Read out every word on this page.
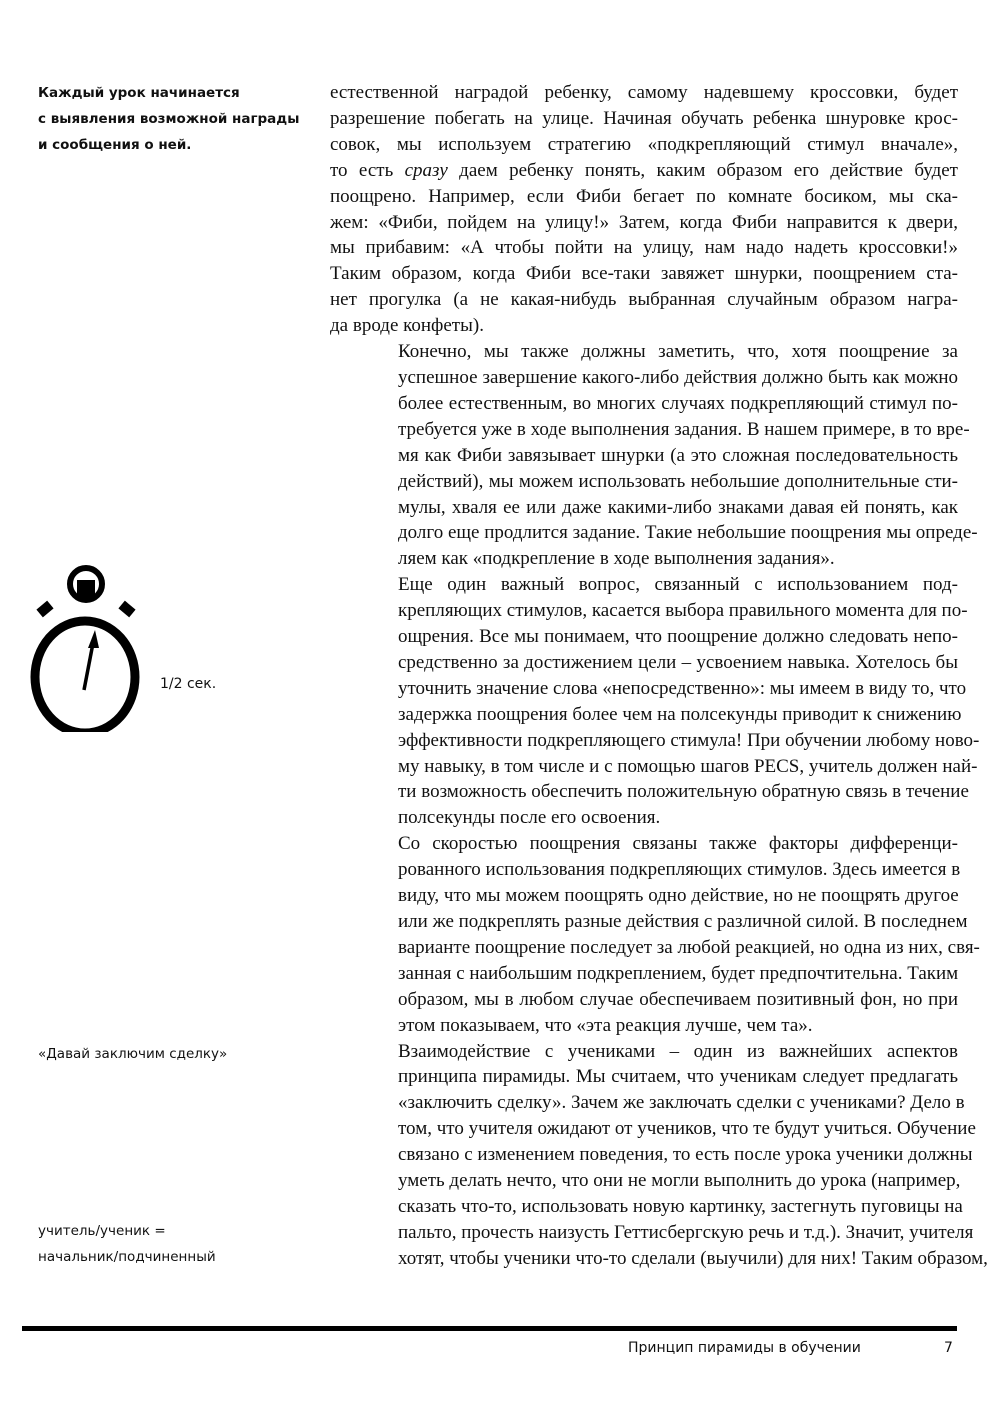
Каждый урок начинается
с выявления возможной награды
и сообщения о ней.
1/2 сек.
«Давай заключим сделку»
учитель/ученик =
начальник/подчиненный

естественной наградой ребенку, самому надевшему кроссовки, будет
разрешение побегать на улице. Начиная обучать ребенка шнуровке крос-
совок, мы используем стратегию «подкрепляющий стимул вначале»,
то есть сразу даем ребенку понять, каким образом его действие будет
поощрено. Например, если Фиби бегает по комнате босиком, мы ска-
жем: «Фиби, пойдем на улицу!» Затем, когда Фиби направится к двери,
мы прибавим: «А чтобы пойти на улицу, нам надо надеть кроссовки!»
Таким образом, когда Фиби все-таки завяжет шнурки, поощрением ста-
нет прогулка (а не какая-нибудь выбранная случайным образом награ-
да вроде конфеты).

Конечно, мы также должны заметить, что, хотя поощрение за
успешное завершение какого-либо действия должно быть как можно
более естественным, во многих случаях подкрепляющий стимул по-
требуется уже в ходе выполнения задания. В нашем примере, в то вре-
мя как Фиби завязывает шнурки (а это сложная последовательность
действий), мы можем использовать небольшие дополнительные сти-
мулы, хваля ее или даже какими-либо знаками давая ей понять, как
долго еще продлится задание. Такие небольшие поощрения мы опреде-
ляем как «подкрепление в ходе выполнения задания».

Еще один важный вопрос, связанный с использованием под-
крепляющих стимулов, касается выбора правильного момента для по-
ощрения. Все мы понимаем, что поощрение должно следовать непо-
средственно за достижением цели – усвоением навыка. Хотелось бы
уточнить значение слова «непосредственно»: мы имеем в виду то, что
задержка поощрения более чем на полсекунды приводит к снижению
эффективности подкрепляющего стимула! При обучении любому ново-
му навыку, в том числе и с помощью шагов PECS, учитель должен най-
ти возможность обеспечить положительную обратную связь в течение
полсекунды после его освоения.

Со скоростью поощрения связаны также факторы дифференци-
рованного использования подкрепляющих стимулов. Здесь имеется в
виду, что мы можем поощрять одно действие, но не поощрять другое
или же подкреплять разные действия с различной силой. В последнем
варианте поощрение последует за любой реакцией, но одна из них, свя-
занная с наибольшим подкреплением, будет предпочтительна. Таким
образом, мы в любом случае обеспечиваем позитивный фон, но при
этом показываем, что «эта реакция лучше, чем та».

Взаимодействие с учениками – один из важнейших аспектов
принципа пирамиды. Мы считаем, что ученикам следует предлагать
«заключить сделку». Зачем же заключать сделки с учениками? Дело в
том, что учителя ожидают от учеников, что те будут учиться. Обучение
связано с изменением поведения, то есть после урока ученики должны
уметь делать нечто, что они не могли выполнить до урока (например,
сказать что-то, использовать новую картинку, застегнуть пуговицы на
пальто, прочесть наизусть Геттисбергскую речь и т.д.). Значит, учителя
хотят, чтобы ученики что-то сделали (выучили) для них! Таким образом,

Принцип пирамиды в обучении	7
